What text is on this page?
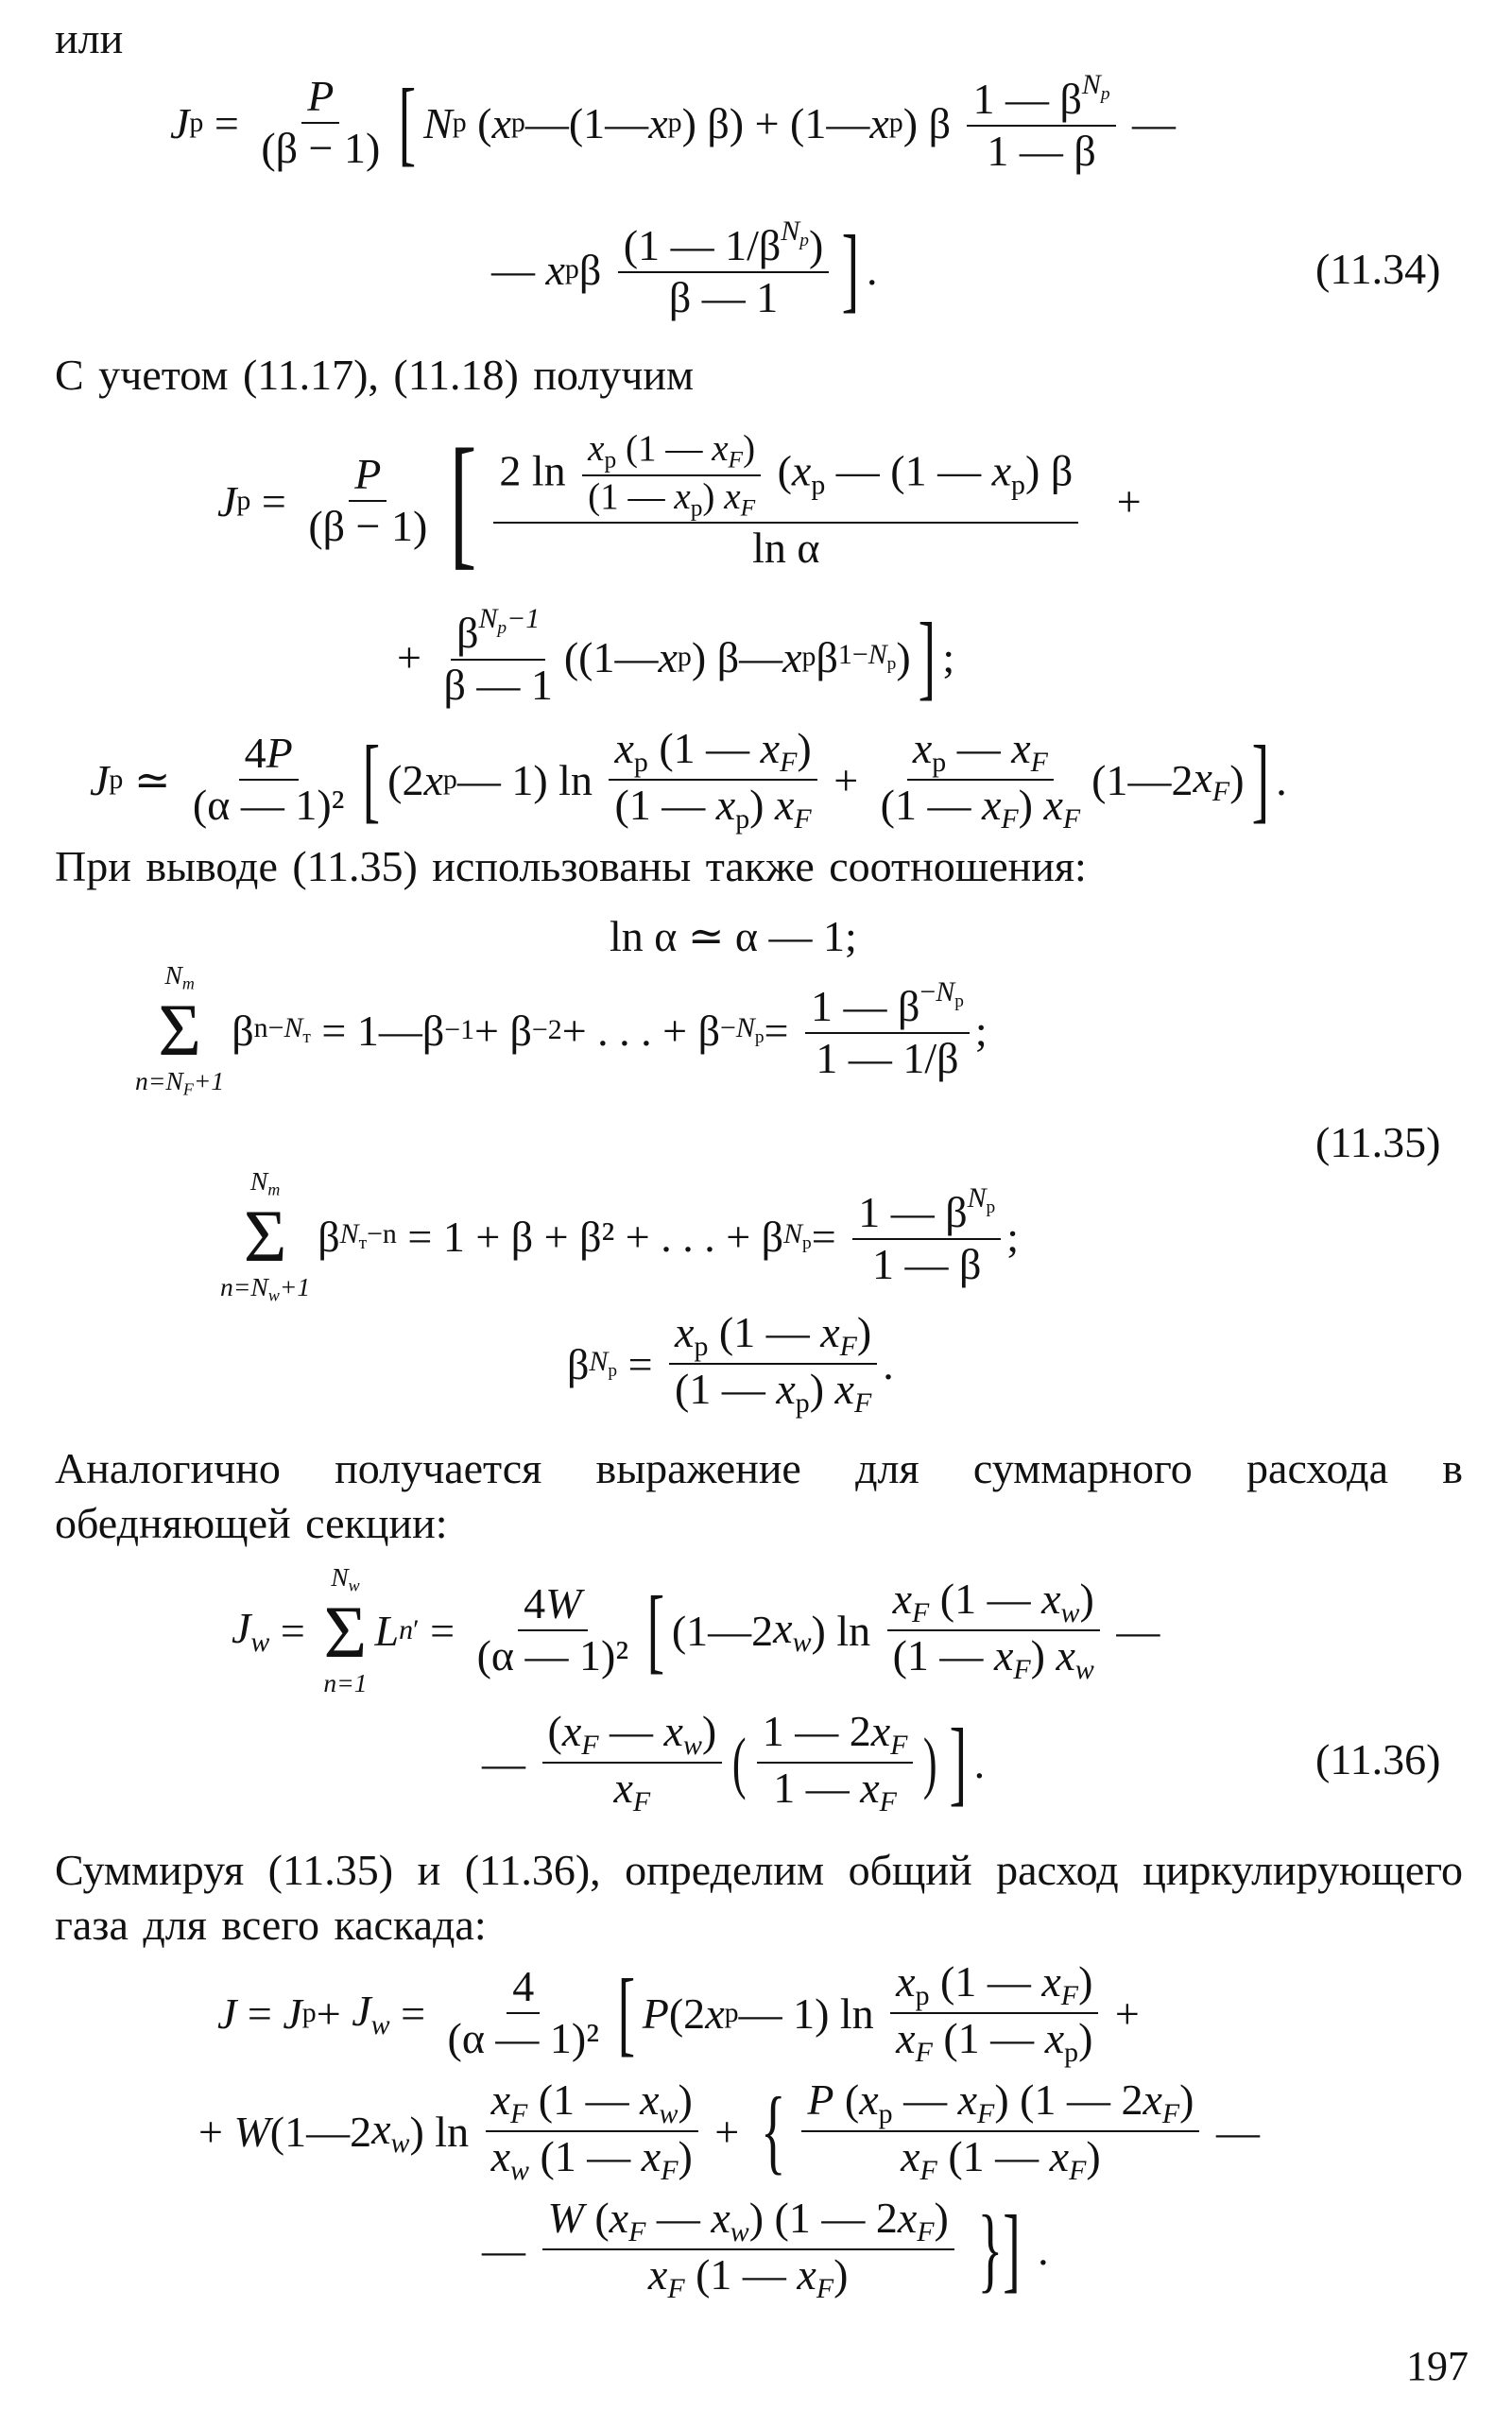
или
J $р = \frac{P}{(\beta - 1)}$ [ N р ( x р —(1— x р ) β) + (1— x р ) β $\frac{1 — \beta^{N_р}}{1 — \beta}$ —
— x р β $\frac{(1 — 1/\beta^{N_р})}{\beta — 1}$ ] .	(11.34)
С учетом (11.17), (11.18) получим
J $р = \frac{P}{(\beta - 1)}$ [ $\frac{2 \ln \frac{x_р (1 — x_F)}{(1 — x_р) x_F} (x_р — (1 — x_р) \beta}{\text{ln α}}$ +
+ $\frac{\beta^{N_р-1}}{\beta — 1}$ ((1— x р ) β— x р β $1-N_р$ ) ] ;
J р ≃ $\frac{4P}{\text{(α — 1)²}}$ [ (2 x р — 1) $\ln \frac{x_р (1 — x_F)}{(1 — x_р) x_F} + \frac{x_р — x_F}{(1 — x_F) x_F}$ (1—2 $x_F$ ) ] .
При выводе (11.35) использованы также соотношения:
ln α ≃ α — 1;
$N_т$
Σ
$n=N_F+1$
β $n-N_т$ = 1—β −1 + β −2 + . . . + $\beta -N_р = \frac{1 — \beta^{-N_р}}{1 — 1/\beta}$ ;
(11.35)
$N_т$
Σ
$n=N_w+1$
β $N_т-n = 1 + \beta + \beta^2$ + . . . + β $N_р = \frac{1 — \beta^{N_р}}{1 — \beta}$ ;
β $N_р = \frac{x_р (1 — x_F)}{(1 — x_р) x_F}$ .
Аналогично получается выражение для суммарного расхода в обедняющей секции:
$J_w$ =
$N_w$
Σ
n=1
L n ′ = $\frac{4W}{\text{(α — 1)²}}$ [ (1—2 $x_w$ ) $\ln \frac{x_F (1 — x_w)}{(1 — x_F) x_w}$ —
— $\frac{(x_F — x_w)}{x_F}$ ( $\frac{1 — 2x_F}{1 — x_F}$ ) ] .	(11.36)
Суммируя (11.35) и (11.36), определим общий расход циркулирующего газа для всего каскада:
J = J $р + J_w = \frac{4}{\text{(α — 1)²}}$ [ P (2 x р — 1) $\ln \frac{x_р (1 — x_F)}{x_F (1 — x_р)}$ +
+ W (1—2 $x_w$ ) $\ln \frac{x_F (1 — x_w)}{x_w (1 — x_F)}$ + { $\frac{P (x_р — x_F) (1 — 2x_F)}{x_F (1 — x_F)}$ —
— $\frac{W (x_F — x_w) (1 — 2x_F)}{x_F (1 — x_F)}$ }] .
197
